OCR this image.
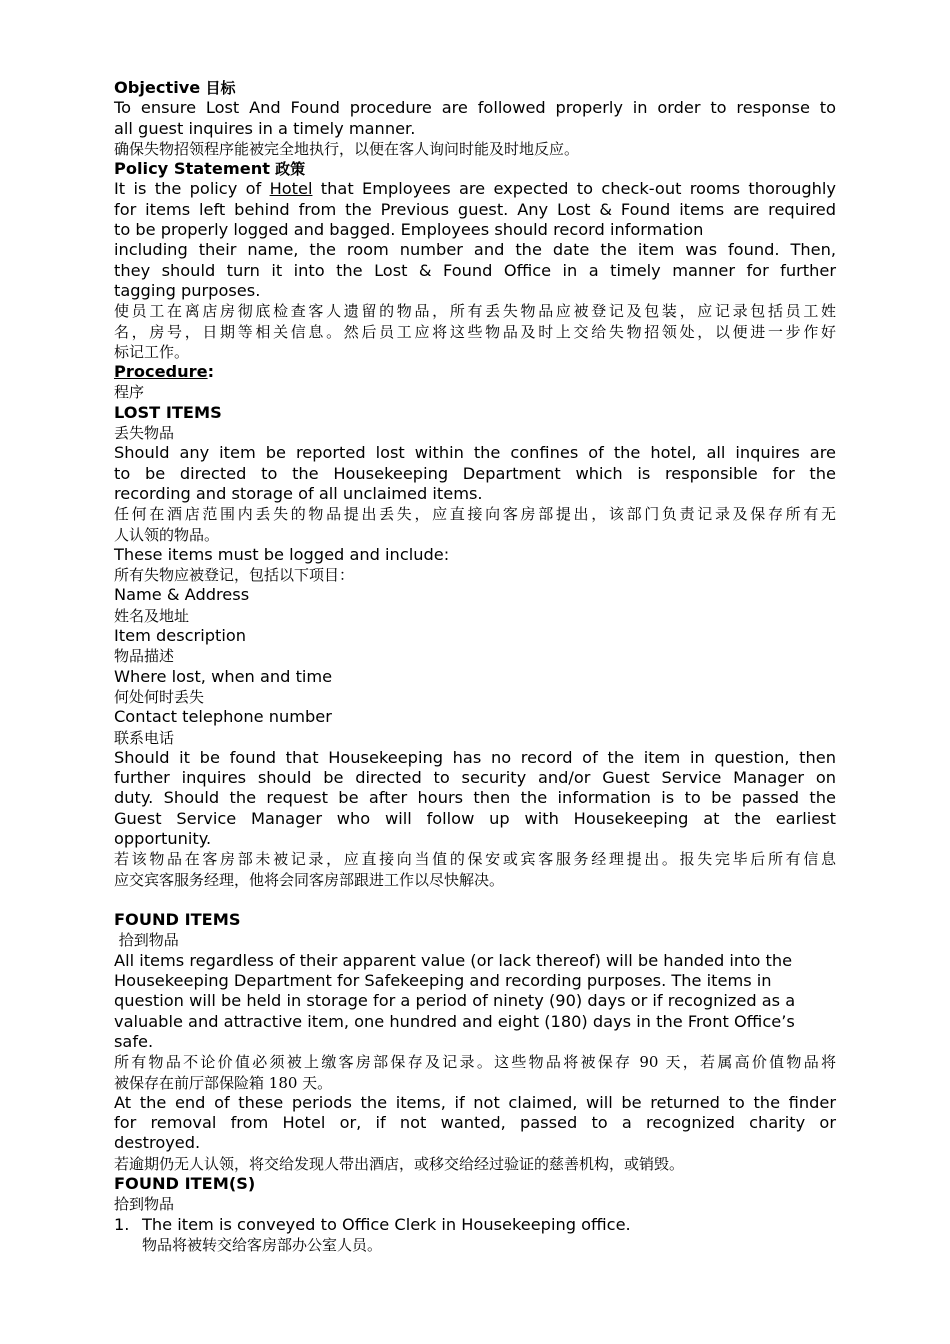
Objective 目标

To ensure Lost And Found procedure are followed properly in order to response to

all guest inquires in a timely manner.

确保失物招领程序能被完全地执行，以便在客人询问时能及时地反应。

Policy Statement 政策

It is the policy of Hotel that Employees are expected to check-out rooms thoroughly

for items left behind from the Previous guest. Any Lost & Found items are required

to be properly logged and bagged. Employees should record information

including their name, the room number and the date the item was found. Then,

they should turn it into the Lost & Found Office in a timely manner for further

tagging purposes.

使员工在离店房彻底检查客人遗留的物品，所有丢失物品应被登记及包装，应记录包括员工姓

名，房号，日期等相关信息。然后员工应将这些物品及时上交给失物招领处，以便进一步作好

标记工作。

Procedure:

程序

LOST ITEMS

丢失物品

Should any item be reported lost within the confines of the hotel, all inquires are

to be directed to the Housekeeping Department which is responsible for the

recording and storage of all unclaimed items.

任何在酒店范围内丢失的物品提出丢失，应直接向客房部提出，该部门负责记录及保存所有无

人认领的物品。

These items must be logged and include:

所有失物应被登记，包括以下项目：

Name & Address

姓名及地址

Item description

物品描述

Where lost, when and time

何处何时丢失

Contact telephone number

联系电话

Should it be found that Housekeeping has no record of the item in question, then

further inquires should be directed to security and/or Guest Service Manager on

duty. Should the request be after hours then the information is to be passed the

Guest Service Manager who will follow up with Housekeeping at the earliest

opportunity.

若该物品在客房部未被记录，应直接向当值的保安或宾客服务经理提出。报失完毕后所有信息

应交宾客服务经理，他将会同客房部跟进工作以尽快解决。

FOUND ITEMS

拾到物品

All items regardless of their apparent value (or lack thereof) will be handed into the

Housekeeping Department for Safekeeping and recording purposes. The items in

question will be held in storage for a period of ninety (90) days or if recognized as a

valuable and attractive item, one hundred and eight (180) days in the Front Office’s

safe.

所有物品不论价值必须被上缴客房部保存及记录。这些物品将被保存 90 天，若属高价值物品将

被保存在前厅部保险箱 180 天。

At the end of these periods the items, if not claimed, will be returned to the finder

for removal from Hotel or, if not wanted, passed to a recognized charity or

destroyed.

若逾期仍无人认领，将交给发现人带出酒店，或移交给经过验证的慈善机构，或销毁。

FOUND ITEM(S)

拾到物品

1. The item is conveyed to Office Clerk in Housekeeping office.

物品将被转交给客房部办公室人员。
